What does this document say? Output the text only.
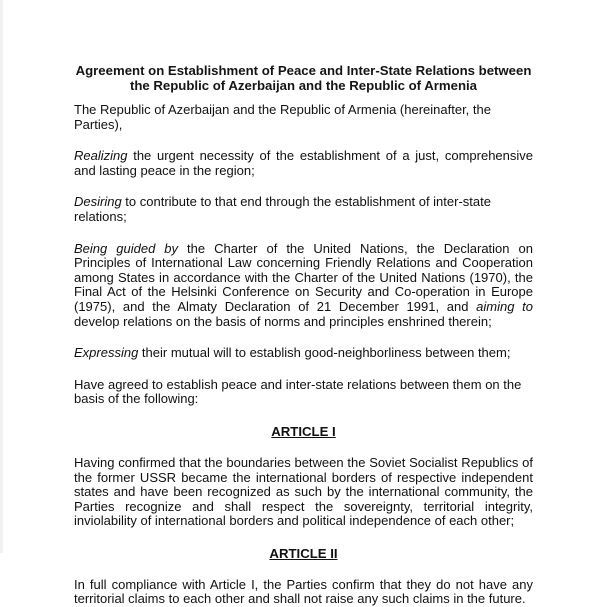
Agreement on Establishment of Peace and Inter-State Relations between
the Republic of Azerbaijan and the Republic of Armenia

The Republic of Azerbaijan and the Republic of Armenia (hereinafter, the Parties),

Realizing the urgent necessity of the establishment of a just, comprehensive and lasting peace in the region;

Desiring to contribute to that end through the establishment of inter-state relations;

Being guided by the Charter of the United Nations, the Declaration on Principles of International Law concerning Friendly Relations and Cooperation among States in accordance with the Charter of the United Nations (1970), the Final Act of the Helsinki Conference on Security and Co-operation in Europe (1975), and the Almaty Declaration of 21 December 1991, and aiming to develop relations on the basis of norms and principles enshrined therein;

Expressing their mutual will to establish good-neighborliness between them;

Have agreed to establish peace and inter-state relations between them on the basis of the following:

ARTICLE I

Having confirmed that the boundaries between the Soviet Socialist Republics of the former USSR became the international borders of respective independent states and have been recognized as such by the international community, the Parties recognize and shall respect the sovereignty, territorial integrity, inviolability of international borders and political independence of each other;

ARTICLE II

In full compliance with Article I, the Parties confirm that they do not have any territorial claims to each other and shall not raise any such claims in the future.
